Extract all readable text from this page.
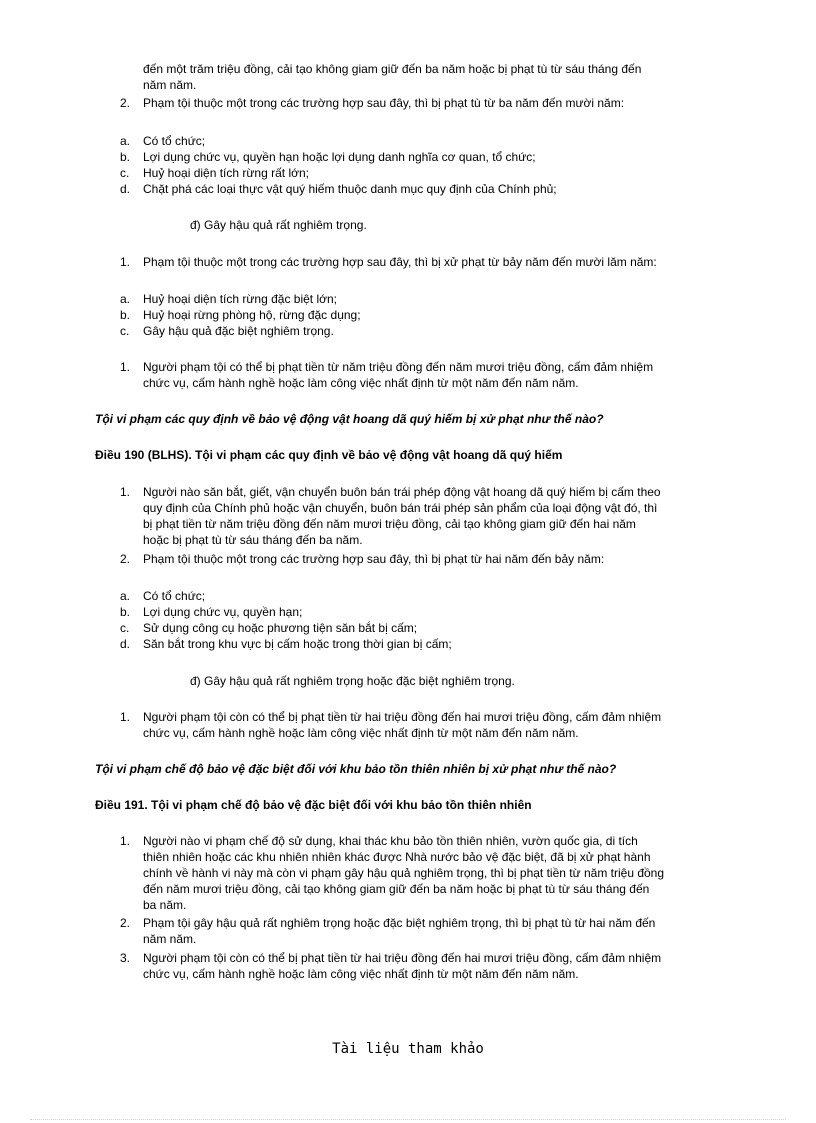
đến một trăm triệu đồng, cải tạo không giam giữ đến ba năm hoặc bị phạt tù từ sáu tháng đến

năm năm.

2. Phạm tội thuộc một trong các trường hợp sau đây, thì bị phạt tù từ ba năm đến mười năm:

a. Có tổ chức;

b. Lợi dụng chức vụ, quyền hạn hoặc lợi dụng danh nghĩa cơ quan, tổ chức;

c. Huỷ hoại diện tích rừng rất lớn;

d. Chặt phá các loại thực vật quý hiếm thuộc danh mục quy định của Chính phủ;

đ) Gây hậu quả rất nghiêm trọng.

1. Phạm tội thuộc một trong các trường hợp sau đây, thì bị xử phạt từ bảy năm đến mười lăm năm:

a. Huỷ hoại diện tích rừng đặc biệt lớn;

b. Huỷ hoại rừng phòng hộ, rừng đặc dụng;

c. Gây hậu quả đặc biệt nghiêm trọng.

1. Người phạm tội có thể bị phạt tiền từ năm triệu đồng đến năm mươi triệu đồng, cấm đảm nhiệm

chức vụ, cấm hành nghề hoặc làm công việc nhất định từ một năm đến năm năm.

Tội vi phạm các quy định về bảo vệ động vật hoang dã quý hiếm bị xử phạt như thế nào?

Điều 190 (BLHS). Tội vi phạm các quy định về bảo vệ động vật hoang dã quý hiếm

1. Người nào săn bắt, giết, vận chuyển buôn bán trái phép động vật hoang dã quý hiếm bị cấm theo

quy định của Chính phủ hoặc vận chuyển, buôn bán trái phép sản phẩm của loại động vật đó, thì

bị phạt tiền từ năm triệu đồng đến năm mươi triệu đồng, cải tạo không giam giữ đến hai năm

hoặc bị phạt tù từ sáu tháng đến ba năm.

2. Phạm tội thuộc một trong các trường hợp sau đây, thì bị phạt từ hai năm đến bảy năm:

a. Có tổ chức;

b. Lợi dụng chức vụ, quyền hạn;

c. Sử dụng công cụ hoặc phương tiện săn bắt bị cấm;

d. Săn bắt trong khu vực bị cấm hoặc trong thời gian bị cấm;

đ) Gây hậu quả rất nghiêm trọng hoặc đặc biệt nghiêm trọng.

1. Người phạm tội còn có thể bị phạt tiền từ hai triệu đồng đến hai mươi triệu đồng, cấm đảm nhiệm

chức vụ, cấm hành nghề hoặc làm công việc nhất định từ một năm đến năm năm.

Tội vi phạm chế độ bảo vệ đặc biệt đối với khu bảo tồn thiên nhiên bị xử phạt như thế nào?

Điều 191. Tội vi phạm chế độ bảo vệ đặc biệt đối với khu bảo tồn thiên nhiên

1. Người nào vi phạm chế độ sử dụng, khai thác khu bảo tồn thiên nhiên, vườn quốc gia, di tích

thiên nhiên hoặc các khu nhiên nhiên khác được Nhà nước bảo vệ đặc biệt, đã bị xử phạt hành

chính về hành vi này mà còn vi phạm gây hậu quả nghiêm trọng, thì bị phạt tiền từ năm triệu đồng

đến năm mươi triệu đồng, cải tạo không giam giữ đến ba năm hoặc bị phạt tù từ sáu tháng đến

ba năm.

2. Phạm tội gây hậu quả rất nghiêm trọng hoặc đặc biệt nghiêm trọng, thì bị phạt tù từ hai năm đến

năm năm.

3. Người phạm tội còn có thể bị phạt tiền từ hai triệu đồng đến hai mươi triệu đồng, cấm đảm nhiệm

chức vụ, cấm hành nghề hoặc làm công việc nhất định từ một năm đến năm năm.

Tài liệu tham khảo
